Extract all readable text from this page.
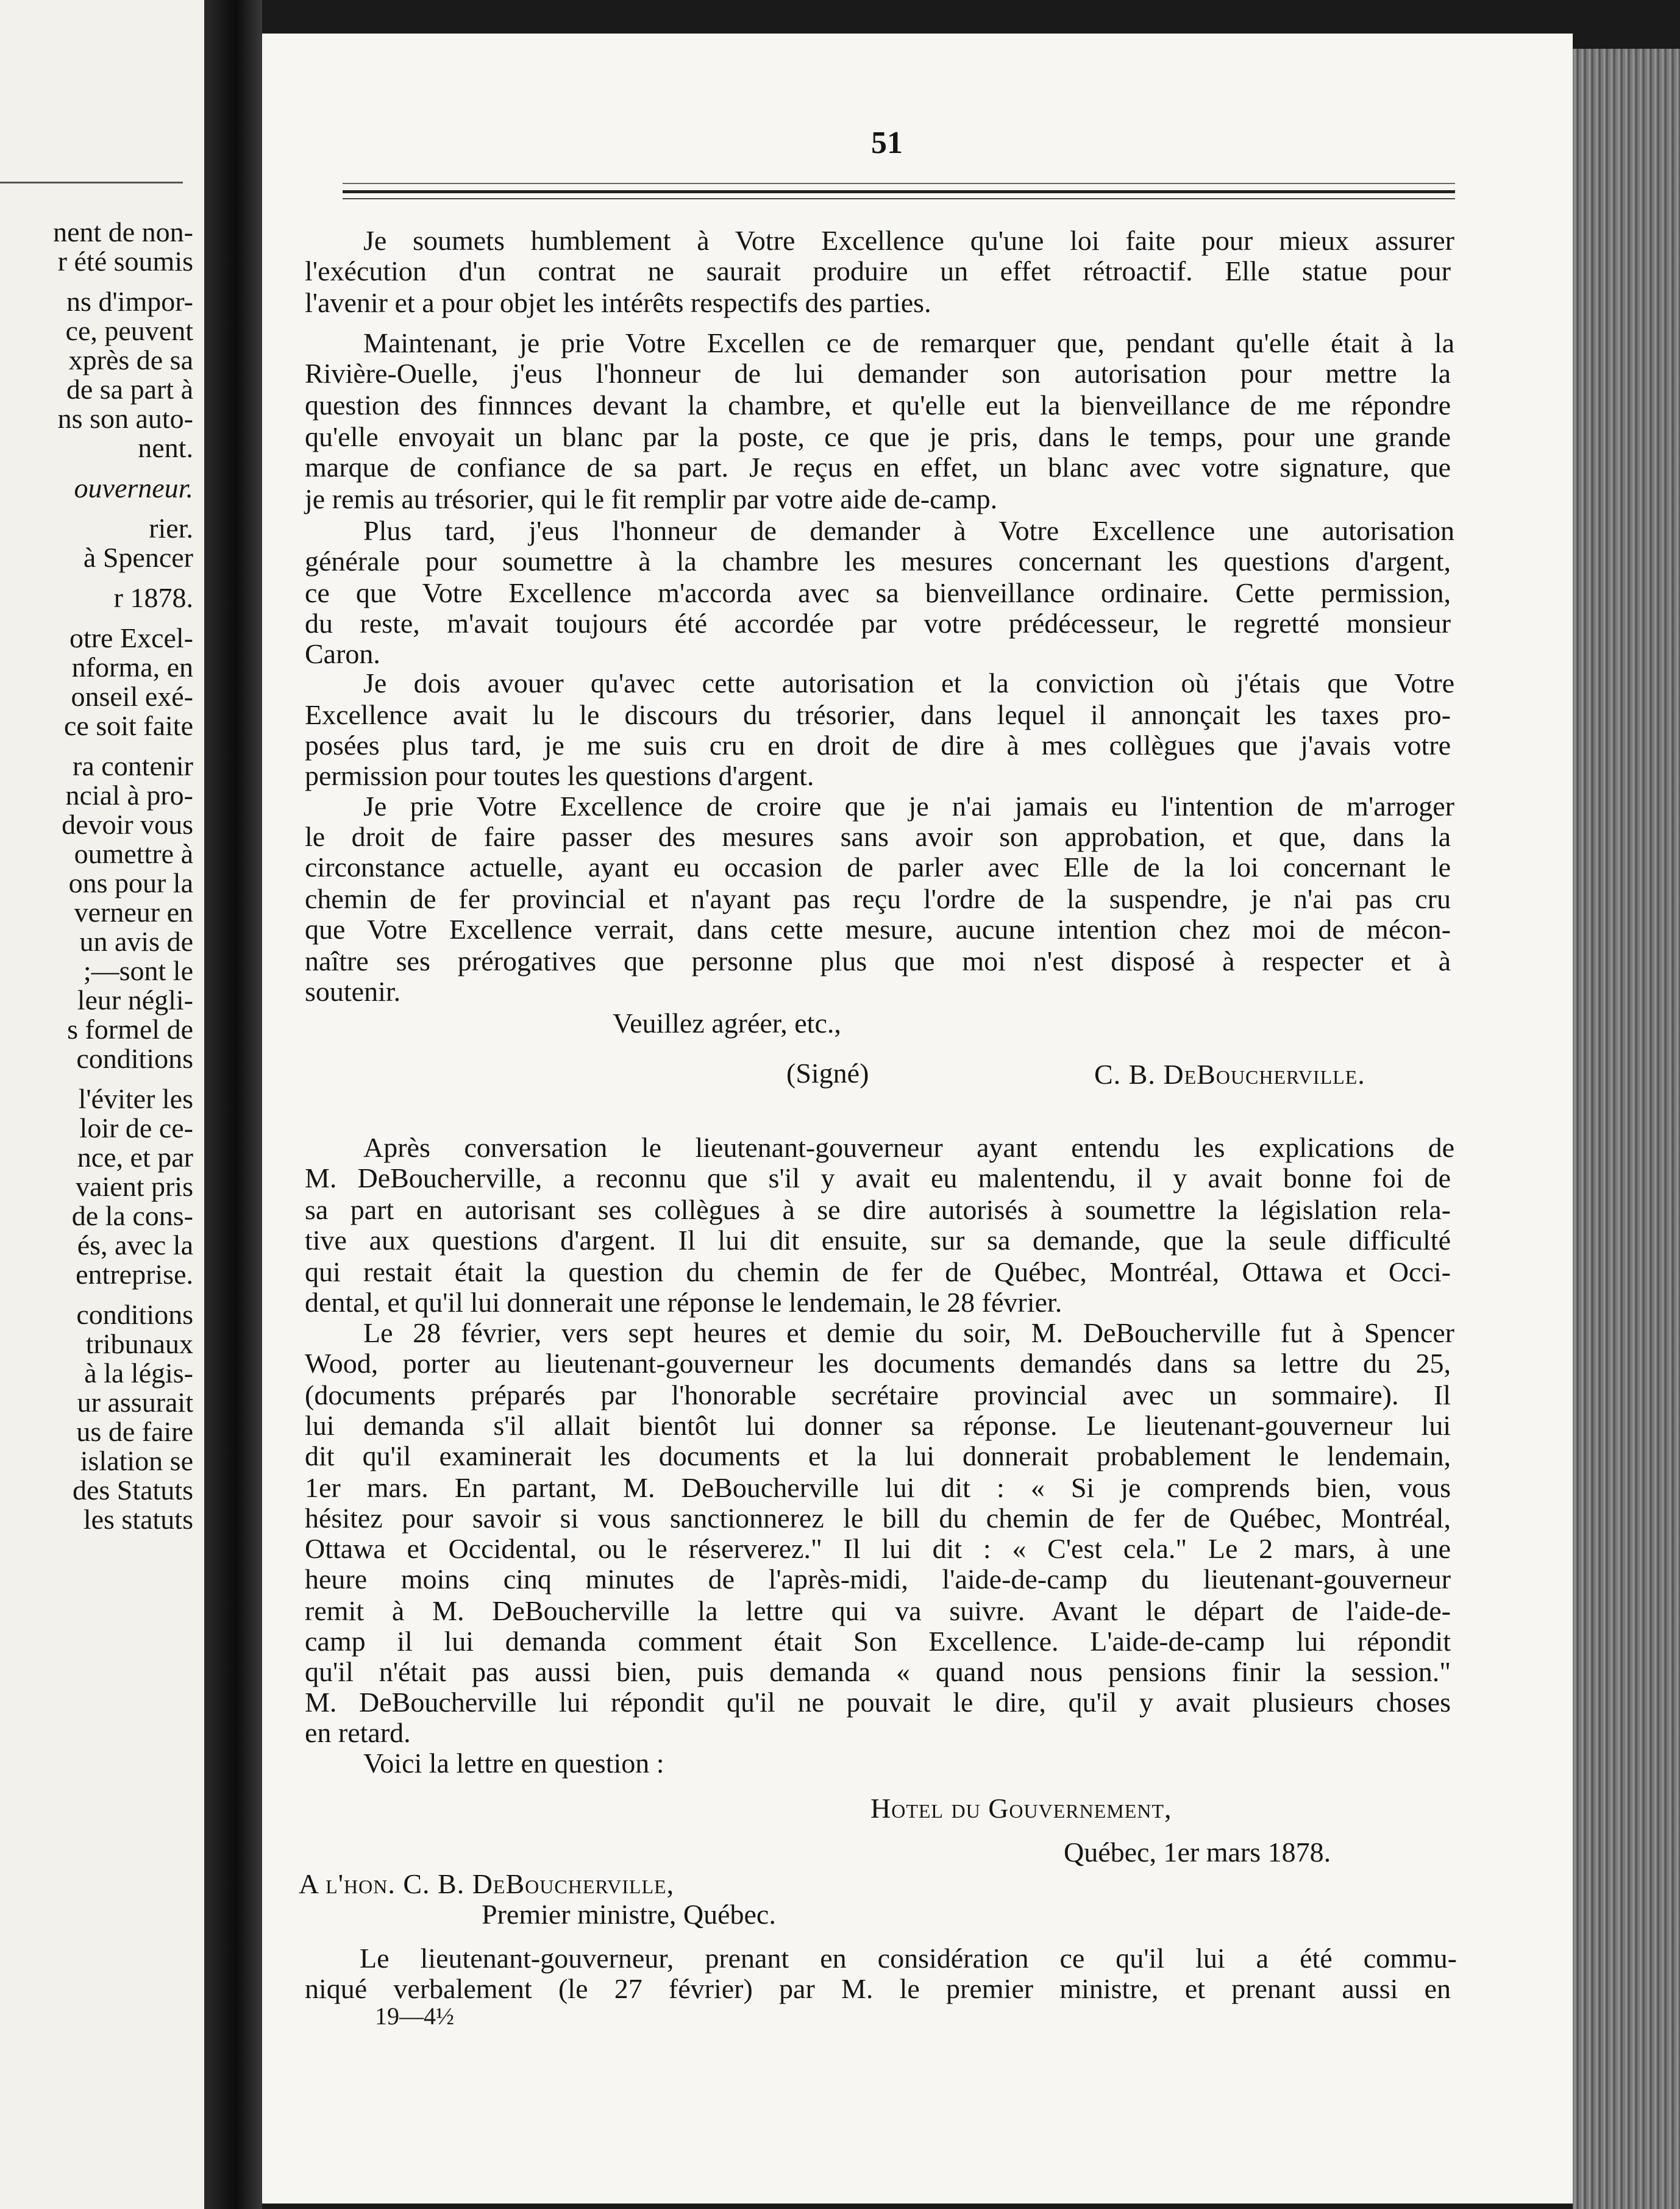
nent de non-
r été soumis
ns d'impor-
ce, peuvent
xprès de sa
de sa part à
ns son auto-
nent.
ouverneur.
rier.
à Spencer
r 1878.
otre Excel-
nforma, en
onseil exé-
ce soit faite
ra contenir
ncial à pro-
devoir vous
oumettre à
ons pour la
verneur en
un avis de
;—sont le
leur négli-
s formel de
conditions
l'éviter les
loir de ce-
nce, et par
vaient pris
de la cons-
és, avec la
entreprise.
conditions
tribunaux
à la légis-
ur assurait
us de faire
islation se
des Statuts
les statuts
51
Je soumets humblement à Votre Excellence qu'une loi faite pour mieux assurer
l'exécution d'un contrat ne saurait produire un effet rétroactif. Elle statue pour
l'avenir et a pour objet les intérêts respectifs des parties.
Maintenant, je prie Votre Excellen ce de remarquer que, pendant qu'elle était à la
Rivière-Ouelle, j'eus l'honneur de lui demander son autorisation pour mettre la
question des finnnces devant la chambre, et qu'elle eut la bienveillance de me répondre
qu'elle envoyait un blanc par la poste, ce que je pris, dans le temps, pour une grande
marque de confiance de sa part. Je reçus en effet, un blanc avec votre signature, que
je remis au trésorier, qui le fit remplir par votre aide de-camp.
Plus tard, j'eus l'honneur de demander à Votre Excellence une autorisation
générale pour soumettre à la chambre les mesures concernant les questions d'argent,
ce que Votre Excellence m'accorda avec sa bienveillance ordinaire. Cette permission,
du reste, m'avait toujours été accordée par votre prédécesseur, le regretté monsieur
Caron.
Je dois avouer qu'avec cette autorisation et la conviction où j'étais que Votre
Excellence avait lu le discours du trésorier, dans lequel il annonçait les taxes pro-
posées plus tard, je me suis cru en droit de dire à mes collègues que j'avais votre
permission pour toutes les questions d'argent.
Je prie Votre Excellence de croire que je n'ai jamais eu l'intention de m'arroger
le droit de faire passer des mesures sans avoir son approbation, et que, dans la
circonstance actuelle, ayant eu occasion de parler avec Elle de la loi concernant le
chemin de fer provincial et n'ayant pas reçu l'ordre de la suspendre, je n'ai pas cru
que Votre Excellence verrait, dans cette mesure, aucune intention chez moi de mécon-
naître ses prérogatives que personne plus que moi n'est disposé à respecter et à
soutenir.
Veuillez agréer, etc.,
(Signé)	C. B. DeBoucherville.
Après conversation le lieutenant-gouverneur ayant entendu les explications de
M. DeBoucherville, a reconnu que s'il y avait eu malentendu, il y avait bonne foi de
sa part en autorisant ses collègues à se dire autorisés à soumettre la législation rela-
tive aux questions d'argent. Il lui dit ensuite, sur sa demande, que la seule difficulté
qui restait était la question du chemin de fer de Québec, Montréal, Ottawa et Occi-
dental, et qu'il lui donnerait une réponse le lendemain, le 28 février.
Le 28 février, vers sept heures et demie du soir, M. DeBoucherville fut à Spencer
Wood, porter au lieutenant-gouverneur les documents demandés dans sa lettre du 25,
(documents préparés par l'honorable secrétaire provincial avec un sommaire). Il
lui demanda s'il allait bientôt lui donner sa réponse. Le lieutenant-gouverneur lui
dit qu'il examinerait les documents et la lui donnerait probablement le lendemain,
1er mars. En partant, M. DeBoucherville lui dit : « Si je comprends bien, vous
hésitez pour savoir si vous sanctionnerez le bill du chemin de fer de Québec, Montréal,
Ottawa et Occidental, ou le réserverez." Il lui dit : « C'est cela." Le 2 mars, à une
heure moins cinq minutes de l'après-midi, l'aide-de-camp du lieutenant-gouverneur
remit à M. DeBoucherville la lettre qui va suivre. Avant le départ de l'aide-de-
camp il lui demanda comment était Son Excellence. L'aide-de-camp lui répondit
qu'il n'était pas aussi bien, puis demanda « quand nous pensions finir la session."
M. DeBoucherville lui répondit qu'il ne pouvait le dire, qu'il y avait plusieurs choses
en retard.
Voici la lettre en question :
Hotel du Gouvernement,
Québec, 1er mars 1878.
A l'hon. C. B. DeBoucherville,
Premier ministre, Québec.
Le lieutenant-gouverneur, prenant en considération ce qu'il lui a été commu-
niqué verbalement (le 27 février) par M. le premier ministre, et prenant aussi en
19—4½
